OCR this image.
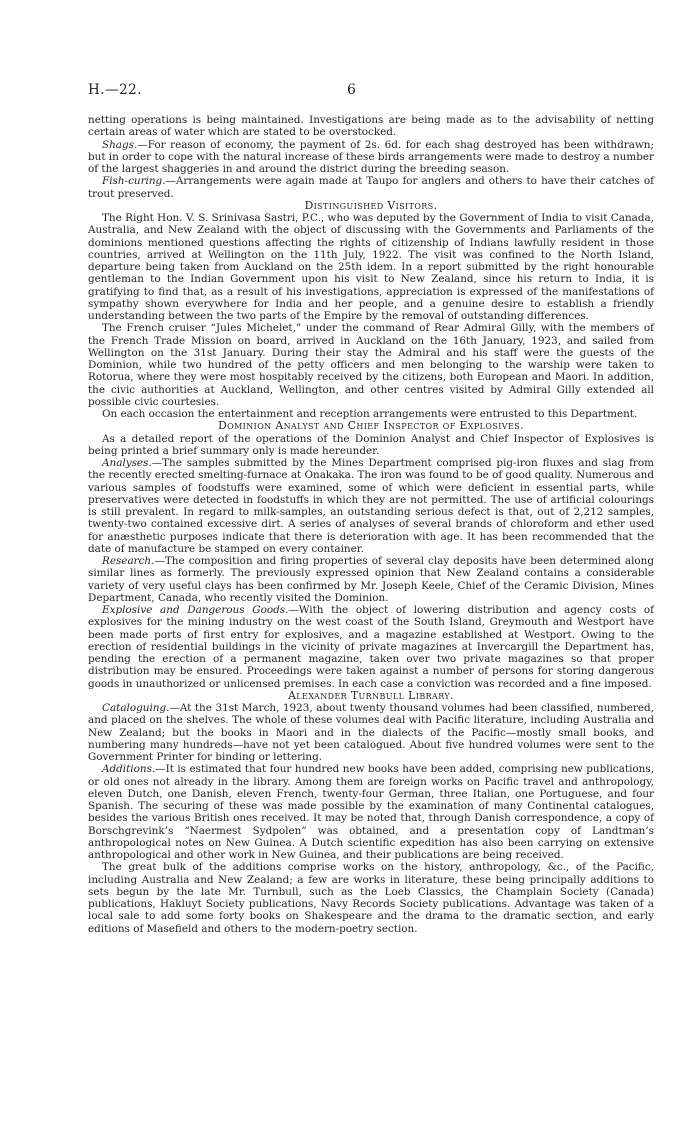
H.—22.	6

netting operations is being maintained. Investigations are being made as to the advisability of netting certain areas of water which are stated to be overstocked.

Shags.—For reason of economy, the payment of 2s. 6d. for each shag destroyed has been withdrawn; but in order to cope with the natural increase of these birds arrangements were made to destroy a number of the largest shaggeries in and around the district during the breeding season.

Fish-curing.—Arrangements were again made at Taupo for anglers and others to have their catches of trout preserved.

Distinguished Visitors.

The Right Hon. V. S. Srinivasa Sastri, P.C., who was deputed by the Government of India to visit Canada, Australia, and New Zealand with the object of discussing with the Governments and Parliaments of the dominions mentioned questions affecting the rights of citizenship of Indians lawfully resident in those countries, arrived at Wellington on the 11th July, 1922. The visit was confined to the North Island, departure being taken from Auckland on the 25th idem. In a report submitted by the right honourable gentleman to the Indian Government upon his visit to New Zealand, since his return to India, it is gratifying to find that, as a result of his investigations, appreciation is expressed of the manifestations of sympathy shown everywhere for India and her people, and a genuine desire to establish a friendly understanding between the two parts of the Empire by the removal of outstanding differences.

The French cruiser “Jules Michelet,” under the command of Rear Admiral Gilly, with the members of the French Trade Mission on board, arrived in Auckland on the 16th January, 1923, and sailed from Wellington on the 31st January. During their stay the Admiral and his staff were the guests of the Dominion, while two hundred of the petty officers and men belonging to the warship were taken to Rotorua, where they were most hospitably received by the citizens, both European and Maori. In addition, the civic authorities at Auckland, Wellington, and other centres visited by Admiral Gilly extended all possible civic courtesies.

On each occasion the entertainment and reception arrangements were entrusted to this Department.

Dominion Analyst and Chief Inspector of Explosives.

As a detailed report of the operations of the Dominion Analyst and Chief Inspector of Explosives is being printed a brief summary only is made hereunder.

Analyses.—The samples submitted by the Mines Department comprised pig-iron fluxes and slag from the recently erected smelting-furnace at Onakaka. The iron was found to be of good quality. Numerous and various samples of foodstuffs were examined, some of which were deficient in essential parts, while preservatives were detected in foodstuffs in which they are not permitted. The use of artificial colourings is still prevalent. In regard to milk-samples, an outstanding serious defect is that, out of 2,212 samples, twenty-two contained excessive dirt. A series of analyses of several brands of chloroform and ether used for anæsthetic purposes indicate that there is deterioration with age. It has been recommended that the date of manufacture be stamped on every container.

Research.—The composition and firing properties of several clay deposits have been determined along similar lines as formerly. The previously expressed opinion that New Zealand contains a considerable variety of very useful clays has been confirmed by Mr. Joseph Keele, Chief of the Ceramic Division, Mines Department, Canada, who recently visited the Dominion.

Explosive and Dangerous Goods.—With the object of lowering distribution and agency costs of explosives for the mining industry on the west coast of the South Island, Greymouth and Westport have been made ports of first entry for explosives, and a magazine established at Westport. Owing to the erection of residential buildings in the vicinity of private magazines at Invercargill the Department has, pending the erection of a permanent magazine, taken over two private magazines so that proper distribution may be ensured. Proceedings were taken against a number of persons for storing dangerous goods in unauthorized or unlicensed premises. In each case a conviction was recorded and a fine imposed.

Alexander Turnbull Library.

Cataloguing.—At the 31st March, 1923, about twenty thousand volumes had been classified, numbered, and placed on the shelves. The whole of these volumes deal with Pacific literature, including Australia and New Zealand; but the books in Maori and in the dialects of the Pacific—mostly small books, and numbering many hundreds—have not yet been catalogued. About five hundred volumes were sent to the Government Printer for binding or lettering.

Additions.—It is estimated that four hundred new books have been added, comprising new publications, or old ones not already in the library. Among them are foreign works on Pacific travel and anthropology, eleven Dutch, one Danish, eleven French, twenty-four German, three Italian, one Portuguese, and four Spanish. The securing of these was made possible by the examination of many Continental catalogues, besides the various British ones received. It may be noted that, through Danish correspondence, a copy of Borschgrevink’s “Naermest Sydpolen” was obtained, and a presentation copy of Landtman’s anthropological notes on New Guinea. A Dutch scientific expedition has also been carrying on extensive anthropological and other work in New Guinea, and their publications are being received.

The great bulk of the additions comprise works on the history, anthropology, &c., of the Pacific, including Australia and New Zealand; a few are works in literature, these being principally additions to sets begun by the late Mr. Turnbull, such as the Loeb Classics, the Champlain Society (Canada) publications, Hakluyt Society publications, Navy Records Society publications. Advantage was taken of a local sale to add some forty books on Shakespeare and the drama to the dramatic section, and early editions of Masefield and others to the modern-poetry section.
